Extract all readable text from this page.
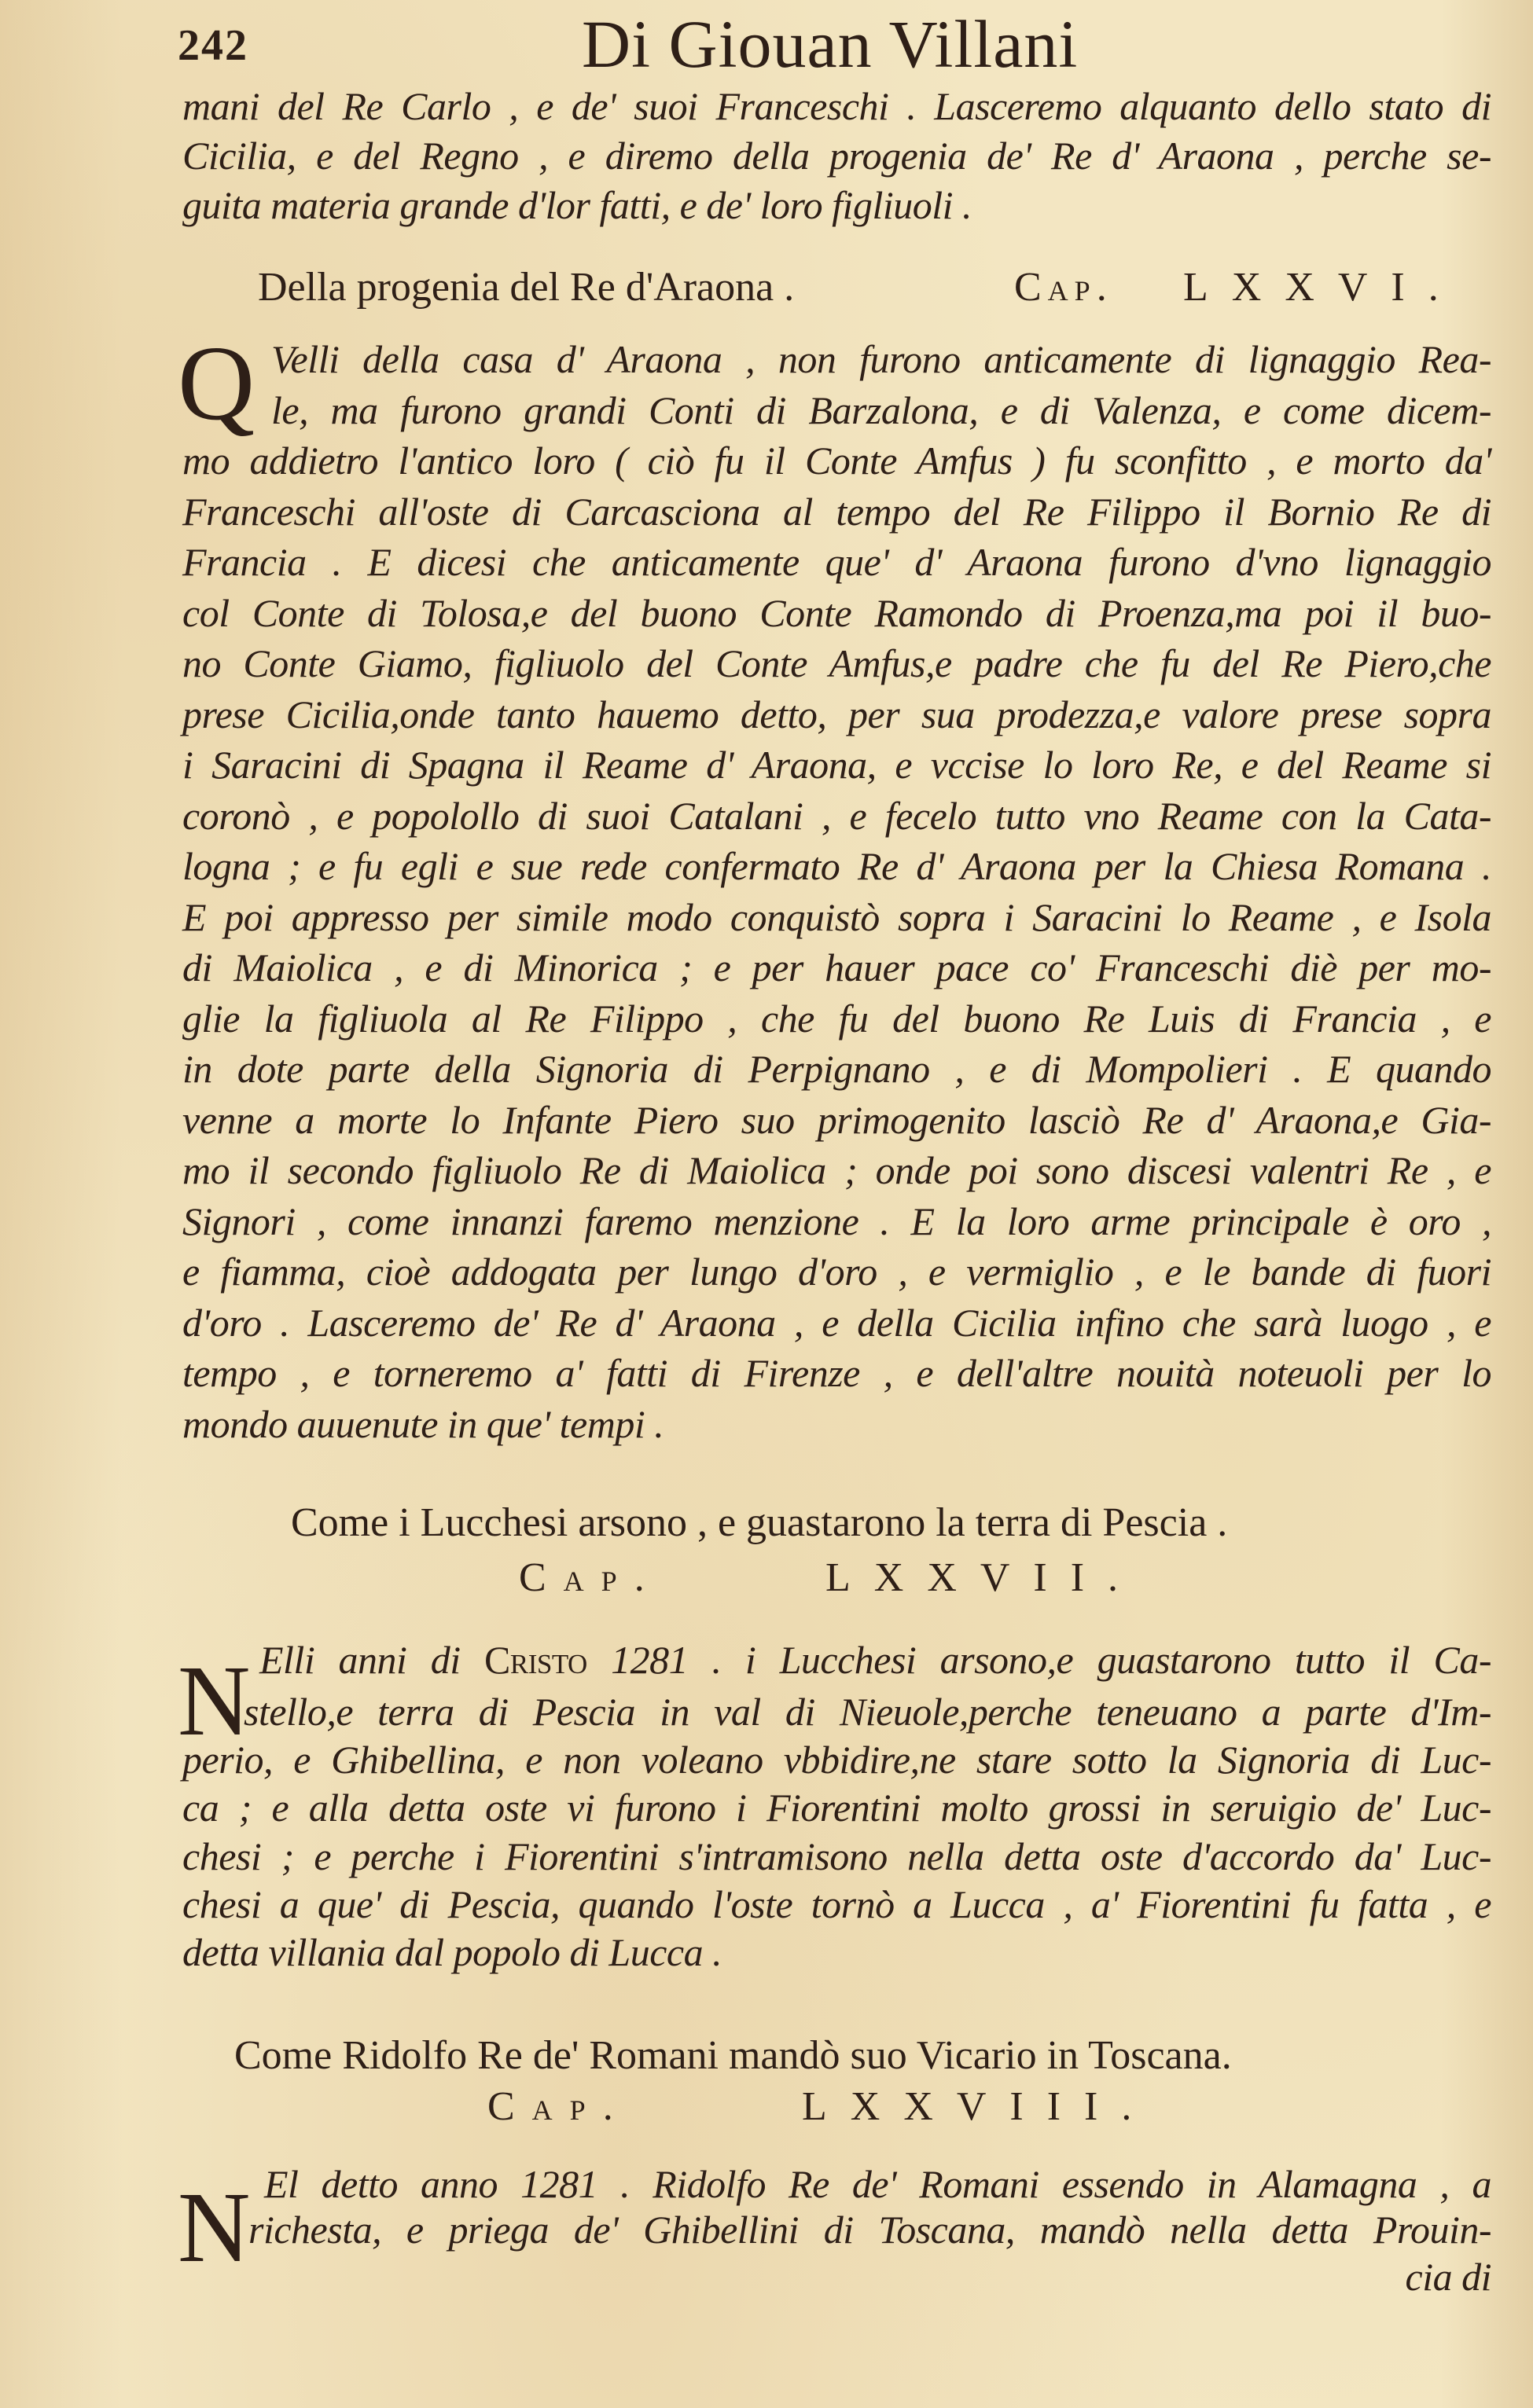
242	Di Giouan Villani
mani del Re Carlo , e de' suoi Franceschi . Lasceremo alquanto dello stato di
Cicilia, e del Regno , e diremo della progenia de' Re d' Araona , perche se-
guita materia grande d'lor fatti, e de' loro figliuoli .
Della progenia del Re d'Araona .	Cap. LXXVI.
Q Velli della casa d' Araona , non furono anticamente di lignaggio Rea-
le, ma furono grandi Conti di Barzalona, e di Valenza, e come dicem-
mo addietro l'antico loro ( ciò fu il Conte Amfus ) fu sconfitto , e morto da'
Franceschi all'oste di Carcasciona al tempo del Re Filippo il Bornio Re di
Francia . E dicesi che anticamente que' d' Araona furono d'vno lignaggio
col Conte di Tolosa,e del buono Conte Ramondo di Proenza,ma poi il buo-
no Conte Giamo, figliuolo del Conte Amfus,e padre che fu del Re Piero,che
prese Cicilia,onde tanto hauemo detto, per sua prodezza,e valore prese sopra
i Saracini di Spagna il Reame d' Araona, e vccise lo loro Re, e del Reame si
coronò , e popolollo di suoi Catalani , e fecelo tutto vno Reame con la Cata-
logna ; e fu egli e sue rede confermato Re d' Araona per la Chiesa Romana .
E poi appresso per simile modo conquistò sopra i Saracini lo Reame , e Isola
di Maiolica , e di Minorica ; e per hauer pace co' Franceschi diè per mo-
glie la figliuola al Re Filippo , che fu del buono Re Luis di Francia , e
in dote parte della Signoria di Perpignano , e di Mompolieri . E quando
venne a morte lo Infante Piero suo primogenito lasciò Re d' Araona,e Gia-
mo il secondo figliuolo Re di Maiolica ; onde poi sono discesi valentri Re , e
Signori , come innanzi faremo menzione . E la loro arme principale è oro ,
e fiamma, cioè addogata per lungo d'oro , e vermiglio , e le bande di fuori
d'oro . Lasceremo de' Re d' Araona , e della Cicilia infino che sarà luogo , e
tempo , e torneremo a' fatti di Firenze , e dell'altre nouità noteuoli per lo
mondo auuenute in que' tempi .
Come i Lucchesi arsono , e guastarono la terra di Pescia .
Cap.	LXXVII.
N Elli anni di Cristo 1281 . i Lucchesi arsono,e guastarono tutto il Ca-
stello,e terra di Pescia in val di Nieuole,perche teneuano a parte d'Im-
perio, e Ghibellina, e non voleano vbbidire,ne stare sotto la Signoria di Luc-
ca ; e alla detta oste vi furono i Fiorentini molto grossi in seruigio de' Luc-
chesi ; e perche i Fiorentini s'intramisono nella detta oste d'accordo da' Luc-
chesi a que' di Pescia, quando l'oste tornò a Lucca , a' Fiorentini fu fatta , e
detta villania dal popolo di Lucca .
Come Ridolfo Re de' Romani mandò suo Vicario in Toscana.
Cap.	LXXVIII.
N El detto anno 1281 . Ridolfo Re de' Romani essendo in Alamagna , a
richesta, e priega de' Ghibellini di Toscana, mandò nella detta Prouin-
cia di
